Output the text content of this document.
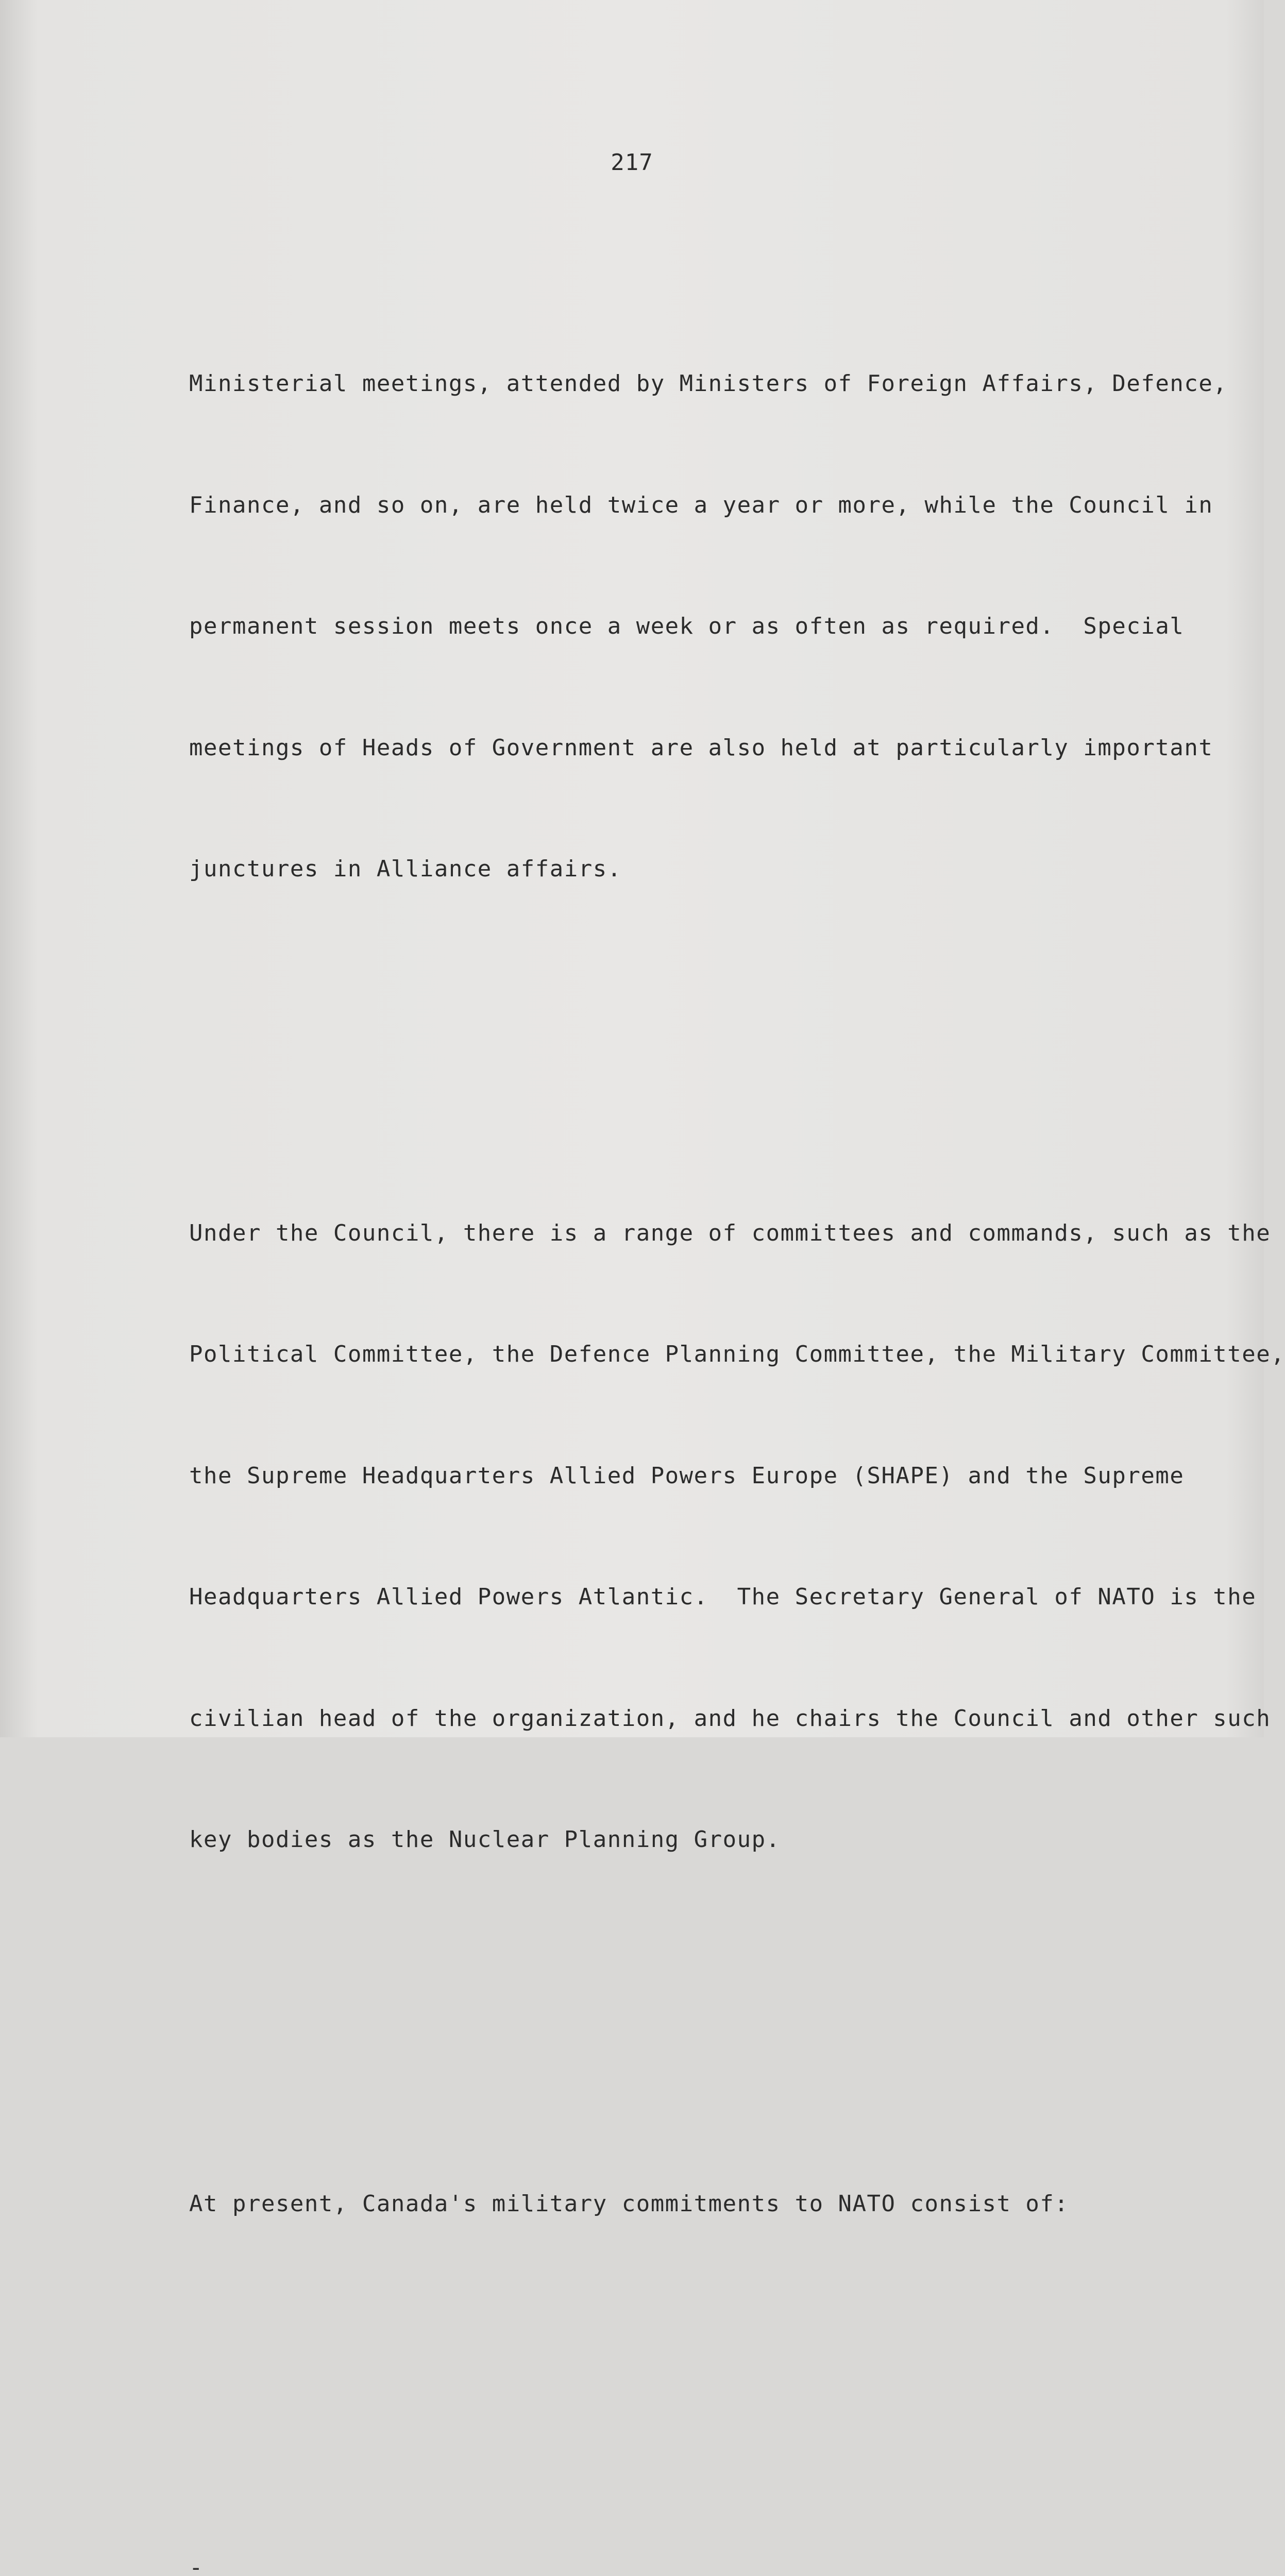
217

Ministerial meetings, attended by Ministers of Foreign Affairs, Defence,

Finance, and so on, are held twice a year or more, while the Council in

permanent session meets once a week or as often as required.  Special

meetings of Heads of Government are also held at particularly important

junctures in Alliance affairs.

Under the Council, there is a range of committees and commands, such as the

Political Committee, the Defence Planning Committee, the Military Committee,

the Supreme Headquarters Allied Powers Europe (SHAPE) and the Supreme

Headquarters Allied Powers Atlantic.  The Secretary General of NATO is the

civilian head of the organization, and he chairs the Council and other such

key bodies as the Nuclear Planning Group.

At present, Canada's military commitments to NATO consist of:

-
